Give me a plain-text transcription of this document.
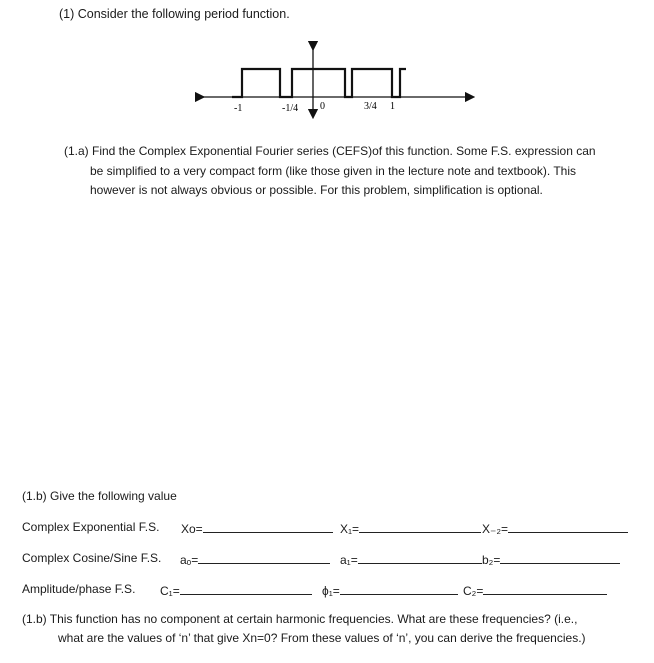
(1) Consider the following period function.
-1	-1/4 0	3/4 1
(1.a) Find the Complex Exponential Fourier series (CEFS)of this function. Some F.S. expression can
be simplified to a very compact form (like those given in the lecture note and textbook). This
however is not always obvious or possible. For this problem, simplification is optional.
(1.b) Give the following value
Complex Exponential F.S. Xo=	X₁=	X₋₂=
Complex Cosine/Sine F.S. aₒ=	a₁=	b₂=
Amplitude/phase F.S. C₁=	ϕ₁=	C₂=
(1.b) This function has no component at certain harmonic frequencies. What are these frequencies? (i.e.,
what are the values of ‘n’ that give Xn=0? From these values of ‘n’, you can derive the frequencies.)
